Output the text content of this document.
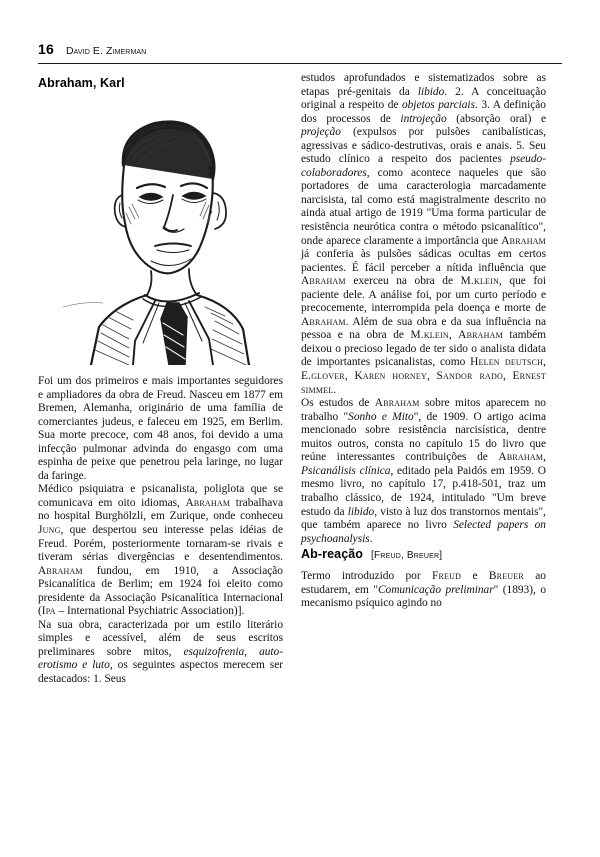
16 David E. Zimerman
Abraham, Karl

Foi um dos primeiros e mais importantes seguidores e ampliadores da obra de Freud. Nasceu em 1877 em Bremen, Alemanha, originário de uma família de comerciantes judeus, e faleceu em 1925, em Berlim. Sua morte precoce, com 48 anos, foi devido a uma infecção pulmonar advinda do engasgo com uma espinha de peixe que penetrou pela laringe, no lugar da faringe.

Médico psiquiatra e psicanalista, poliglota que se comunicava em oito idiomas, Abraham trabalhava no hospital Burghölzli, em Zurique, onde conheceu Jung, que despertou seu interesse pelas idéias de Freud. Porém, posteriormente tornaram-se rivais e tiveram sérias divergências e desentendimentos. Abraham fundou, em 1910, a Associação Psicanalítica de Berlim; em 1924 foi eleito como presidente da Associação Psicanalítica Internacional (Ipa – International Psychiatric Association)].

Na sua obra, caracterizada por um estilo literário simples e acessível, além de seus escritos preliminares sobre mitos, esquizofrenia, auto-erotismo e luto, os seguintes aspectos merecem ser destacados: 1. Seus

estudos aprofundados e sistematizados sobre as etapas pré-genitais da libido. 2. A conceituação original a respeito de objetos parciais. 3. A definição dos processos de introjeção (absorção oral) e projeção (expulsos por pulsões canibalísticas, agressivas e sádico-destrutivas, orais e anais. 5. Seu estudo clínico a respeito dos pacientes pseudo-colaboradores, como acontece naqueles que são portadores de uma caracterologia marcadamente narcisista, tal como está magistralmente descrito no ainda atual artigo de 1919 "Uma forma particular de resistência neurótica contra o método psicanalítico", onde aparece claramente a importância que Abraham já conferia às pulsões sádicas ocultas em certos pacientes. É fácil perceber a nítida influência que Abraham exerceu na obra de M.klein, que foi paciente dele. A análise foi, por um curto período e precocemente, interrompida pela doença e morte de Abraham. Além de sua obra e da sua influência na pessoa e na obra de M.klein, Abraham também deixou o precioso legado de ter sido o analista didata de importantes psicanalistas, como Helen deutsch, E.glover, Karen horney, Sandor rado, Ernest simmel.

Os estudos de Abraham sobre mitos aparecem no trabalho "Sonho e Mito", de 1909. O artigo acima mencionado sobre resistência narcisística, dentre muitos outros, consta no capítulo 15 do livro que reúne interessantes contribuições de Abraham, Psicanálisis clínica, editado pela Paidós em 1959. O mesmo livro, no capítulo 17, p.418-501, traz um trabalho clássico, de 1924, intitulado "Um breve estudo da libido, visto à luz dos transtornos mentais", que também aparece no livro Selected papers on psychoanalysis.

Ab-reação [Freud, Breuer]

Termo introduzido por Freud e Breuer ao estudarem, em "Comunicação preliminar" (1893), o mecanismo psíquico agindo no
